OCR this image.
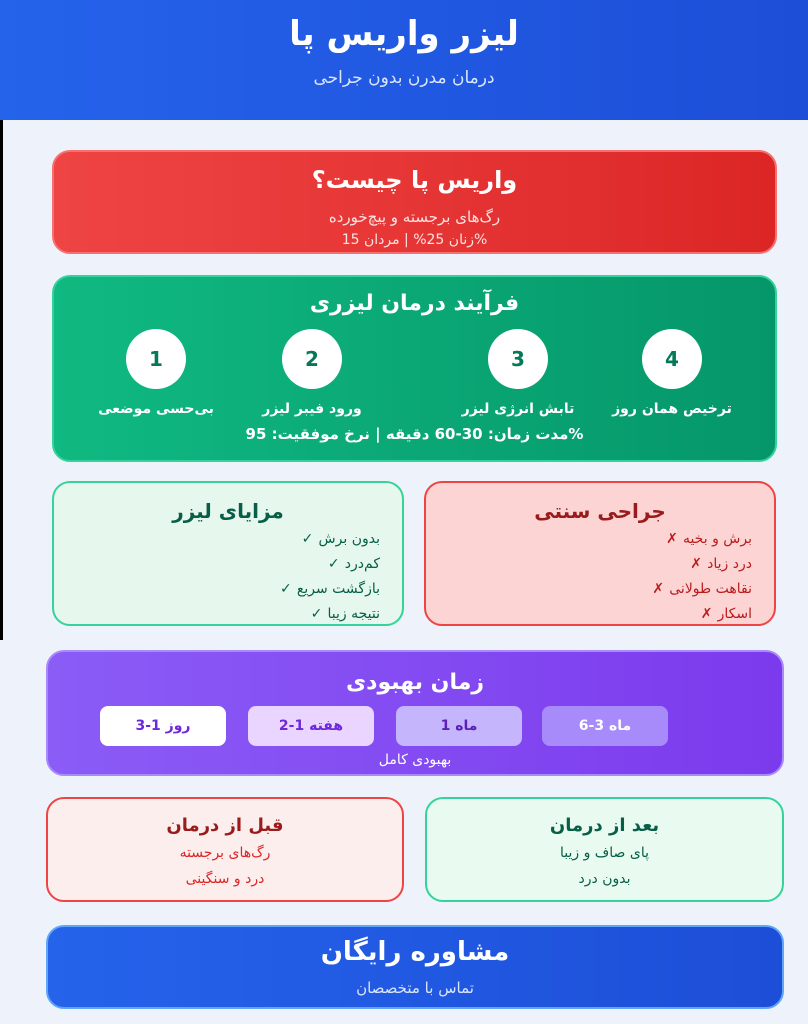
لیزر واریس پا
درمان مدرن بدون جراحی
واریس پا چیست؟
رگ‌های برجسته و پیچ‌خورده
زنان 25% | مردان 15%
فرآیند درمان لیزری
1
بی‌حسی موضعی
2
ورود فیبر لیزر
3
تابش انرژی لیزر
4
ترخیص همان روز
%مدت زمان: 30-60 دقیقه | نرخ موفقیت: 95
مزایای لیزر
بدون برش
✓
کم‌درد
✓
بازگشت سریع
✓
نتیجه زیبا
✓
جراحی سنتی
برش و بخیه
✗
درد زیاد
✗
نقاهت طولانی
✗
اسکار
✗
زمان بهبودی
روز 1-3	هفته 1-2	ماه 1	ماه 3-6
بهبودی کامل
قبل از درمان
رگ‌های برجسته
درد و سنگینی
بعد از درمان
پای صاف و زیبا
بدون درد
مشاوره رایگان
تماس با متخصصان
